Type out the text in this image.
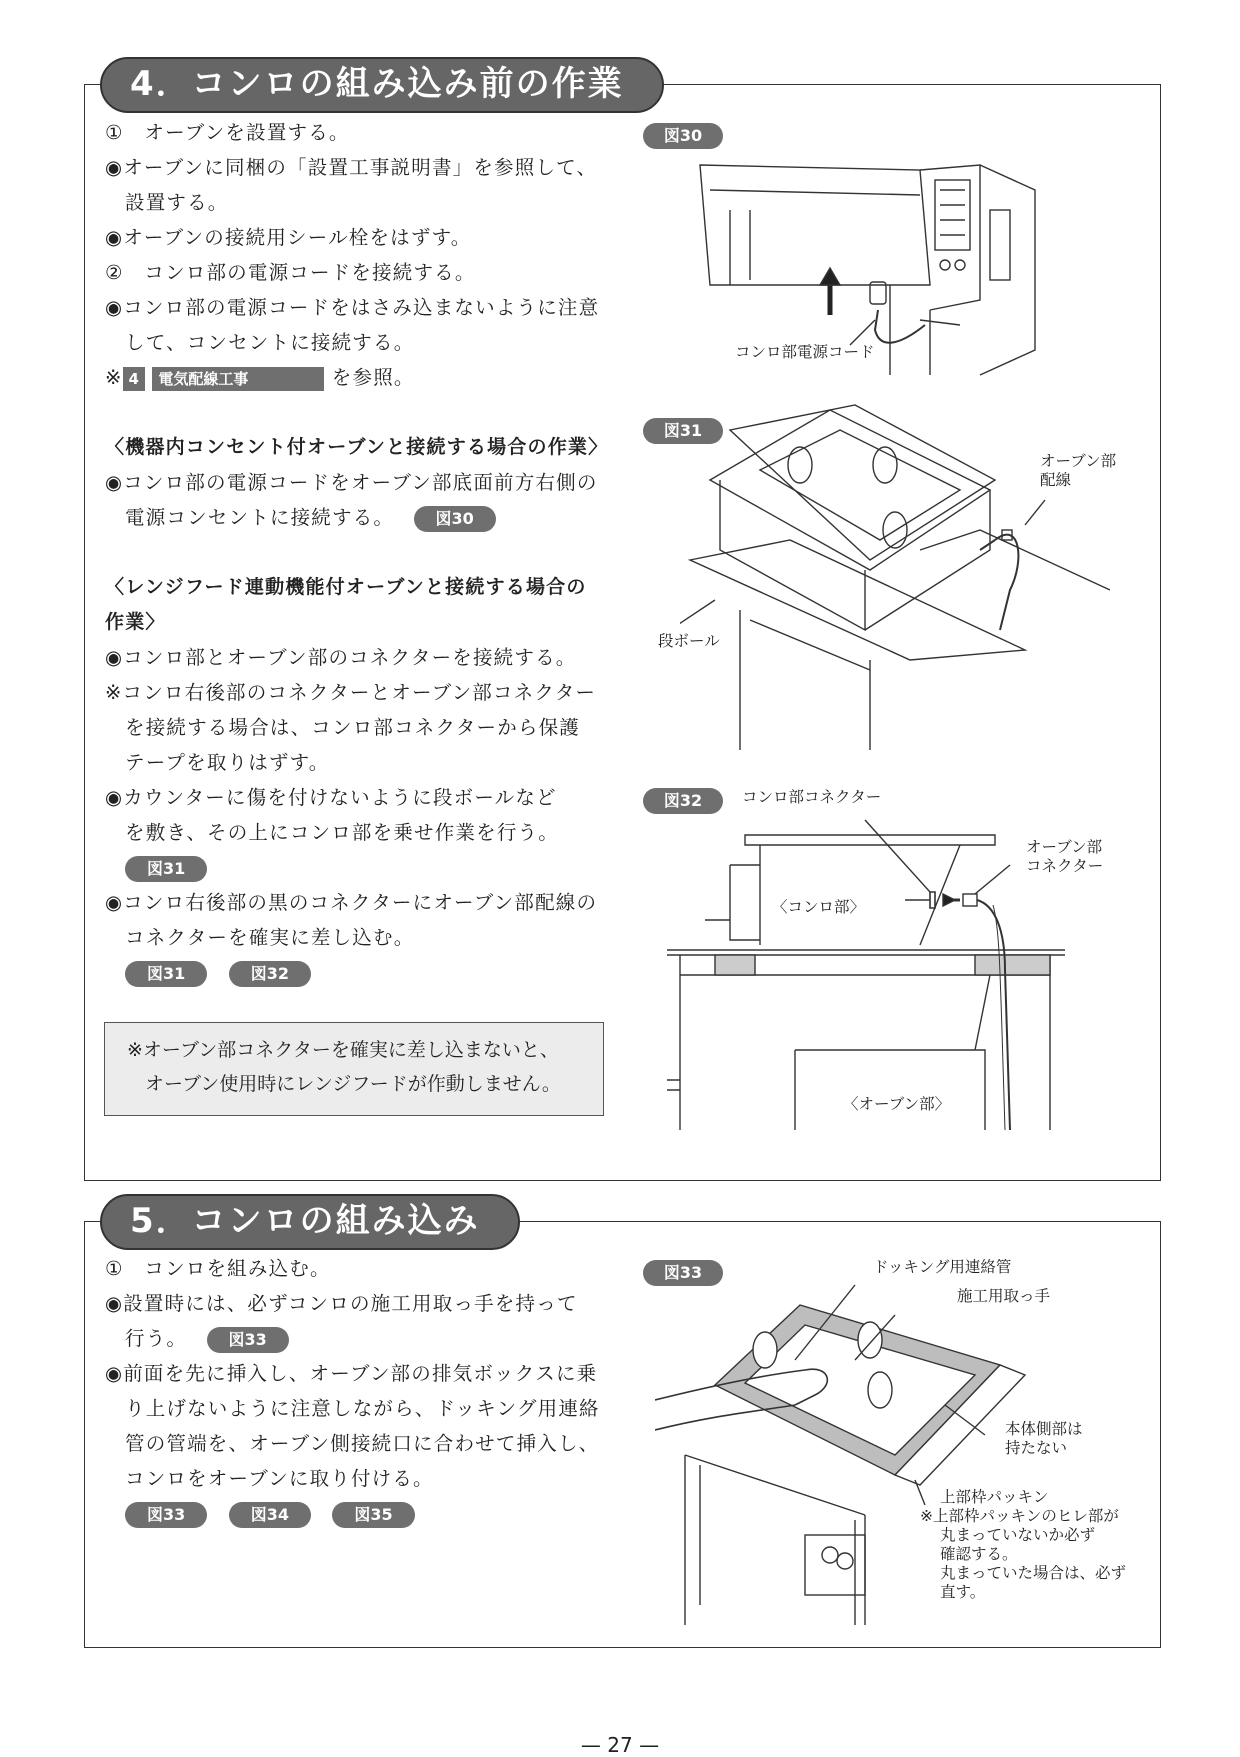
4．コンロの組み込み前の作業
①　オーブンを設置する。
◉オーブンに同梱の「設置工事説明書」を参照して、
設置する。
◉オーブンの接続用シール栓をはずす。
②　コンロ部の電源コードを接続する。
◉コンロ部の電源コードをはさみ込まないように注意
して、コンセントに接続する。
※ 4 電気配線工事	を参照。
〈機器内コンセント付オーブンと接続する場合の作業〉
◉コンロ部の電源コードをオーブン部底面前方右側の
電源コンセントに接続する。	図30
〈レンジフード連動機能付オーブンと接続する場合の
作業〉
◉コンロ部とオーブン部のコネクターを接続する。
※コンロ右後部のコネクターとオーブン部コネクター
を接続する場合は、コンロ部コネクターから保護
テープを取りはずす。
◉カウンターに傷を付けないように段ボールなど
を敷き、その上にコンロ部を乗せ作業を行う。
図31
◉コンロ右後部の黒のコネクターにオーブン部配線の
コネクターを確実に差し込む。
図31	図32
※オーブン部コネクターを確実に差し込まないと、
オーブン使用時にレンジフードが作動しません。
図30
コンロ部電源コード
図31
オーブン部
配線
段ボール
図32	コンロ部コネクター
オーブン部
コネクター
〈コンロ部〉
〈オーブン部〉
5．コンロの組み込み
①　コンロを組み込む。
◉設置時には、必ずコンロの施工用取っ手を持って
行う。	図33
◉前面を先に挿入し、オーブン部の排気ボックスに乗
り上げないように注意しながら、ドッキング用連絡
管の管端を、オーブン側接続口に合わせて挿入し、
コンロをオーブンに取り付ける。
図33	図34	図35
図33	ドッキング用連絡管
施工用取っ手
本体側部は
持たない
上部枠パッキン
※上部枠パッキンのヒレ部が
丸まっていないか必ず
確認する。
丸まっていた場合は、必ず
直す。
— 27 —
